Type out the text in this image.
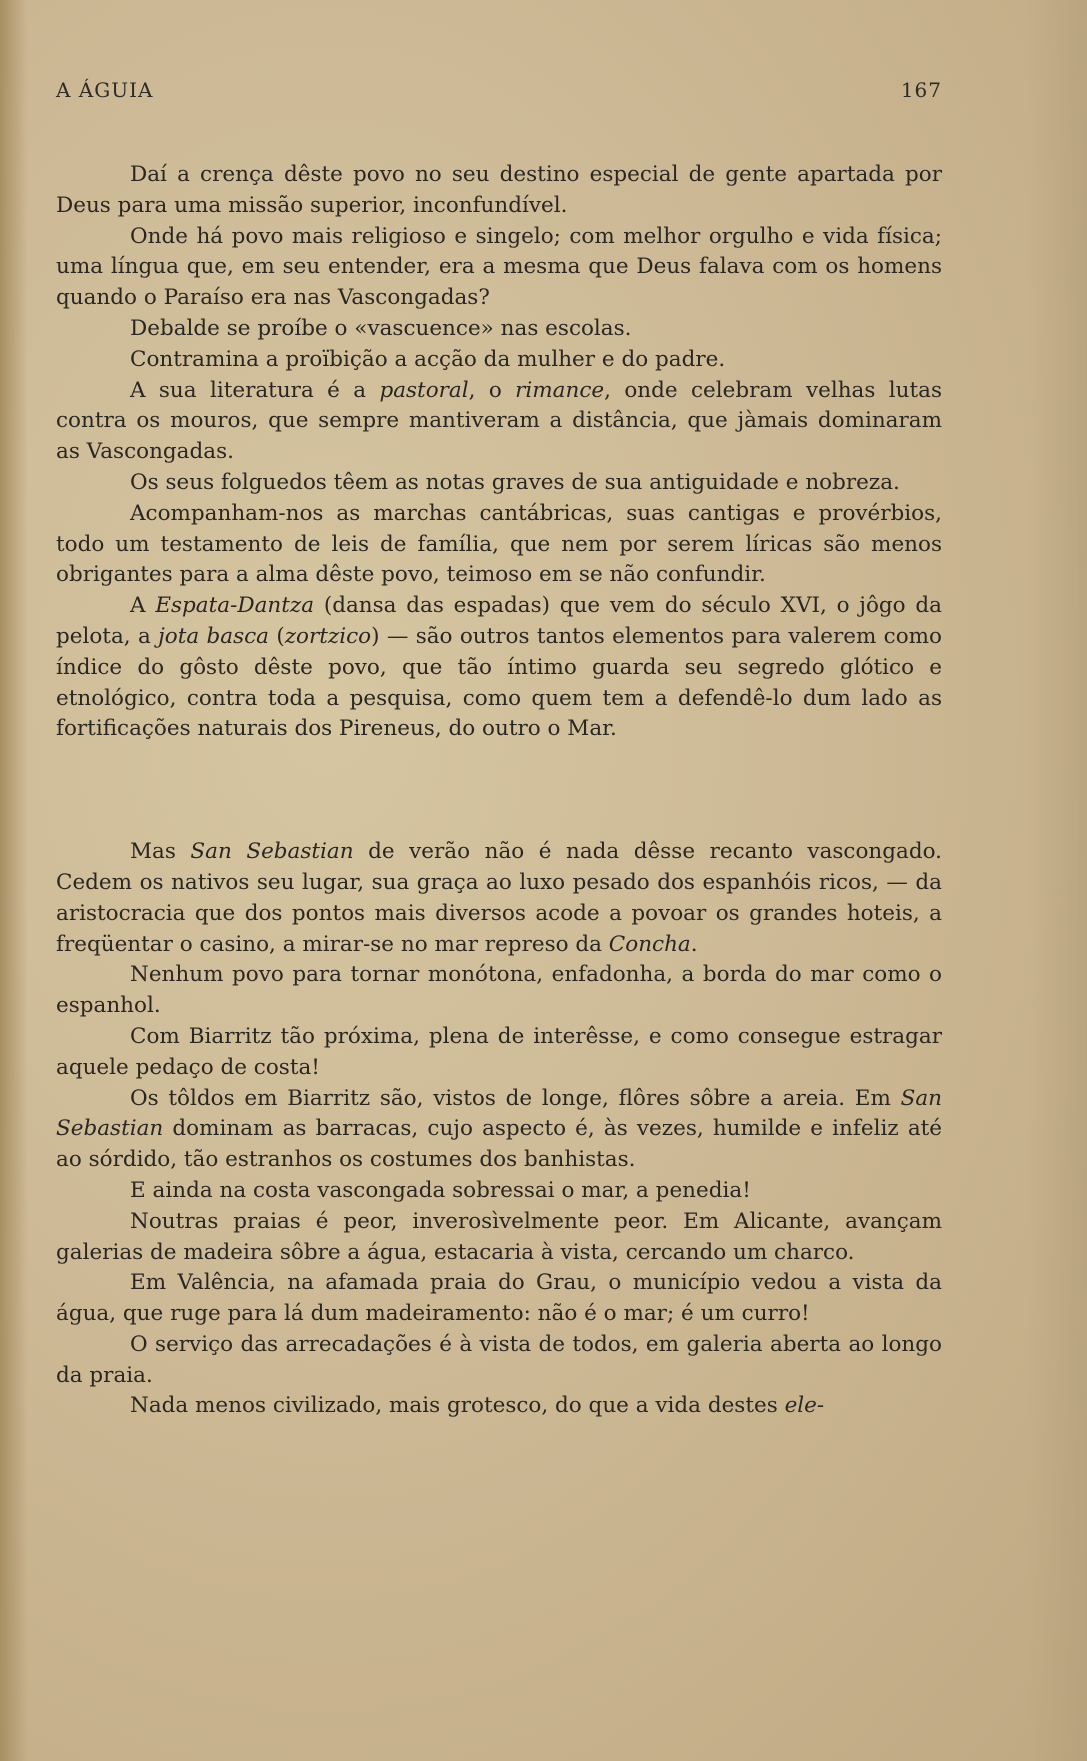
A ÁGUIA	167

Daí a crença dêste povo no seu destino especial de gente apartada por Deus para uma missão superior, inconfundível.

Onde há povo mais religioso e singelo; com melhor orgulho e vida física; uma língua que, em seu entender, era a mesma que Deus falava com os homens quando o Paraíso era nas Vascongadas?

Debalde se proíbe o «vascuence» nas escolas.

Contramina a proïbição a acção da mulher e do padre.

A sua literatura é a pastoral, o rimance, onde celebram velhas lutas contra os mouros, que sempre mantiveram a distância, que jàmais dominaram as Vascongadas.

Os seus folguedos têem as notas graves de sua antiguidade e nobreza.

Acompanham-nos as marchas cantábricas, suas cantigas e provérbios, todo um testamento de leis de família, que nem por serem líricas são menos obrigantes para a alma dêste povo, teimoso em se não confundir.

A Espata-Dantza (dansa das espadas) que vem do século XVI, o jôgo da pelota, a jota basca (zortzico) — são outros tantos elementos para valerem como índice do gôsto dêste povo, que tão íntimo guarda seu segredo glótico e etnológico, contra toda a pesquisa, como quem tem a defendê-lo dum lado as fortificações naturais dos Pireneus, do outro o Mar.

Mas San Sebastian de verão não é nada dêsse recanto vascongado. Cedem os nativos seu lugar, sua graça ao luxo pesado dos espanhóis ricos, — da aristocracia que dos pontos mais diversos acode a povoar os grandes hoteis, a freqüentar o casino, a mirar-se no mar represo da Concha.

Nenhum povo para tornar monótona, enfadonha, a borda do mar como o espanhol.

Com Biarritz tão próxima, plena de interêsse, e como consegue estragar aquele pedaço de costa!

Os tôldos em Biarritz são, vistos de longe, flôres sôbre a areia. Em San Sebastian dominam as barracas, cujo aspecto é, às vezes, humilde e infeliz até ao sórdido, tão estranhos os costumes dos banhistas.

E ainda na costa vascongada sobressai o mar, a penedia!

Noutras praias é peor, inverosìvelmente peor. Em Alicante, avançam galerias de madeira sôbre a água, estacaria à vista, cercando um charco.

Em Valência, na afamada praia do Grau, o município vedou a vista da água, que ruge para lá dum madeiramento: não é o mar; é um curro!

O serviço das arrecadações é à vista de todos, em galeria aberta ao longo da praia.

Nada menos civilizado, mais grotesco, do que a vida destes ele-
